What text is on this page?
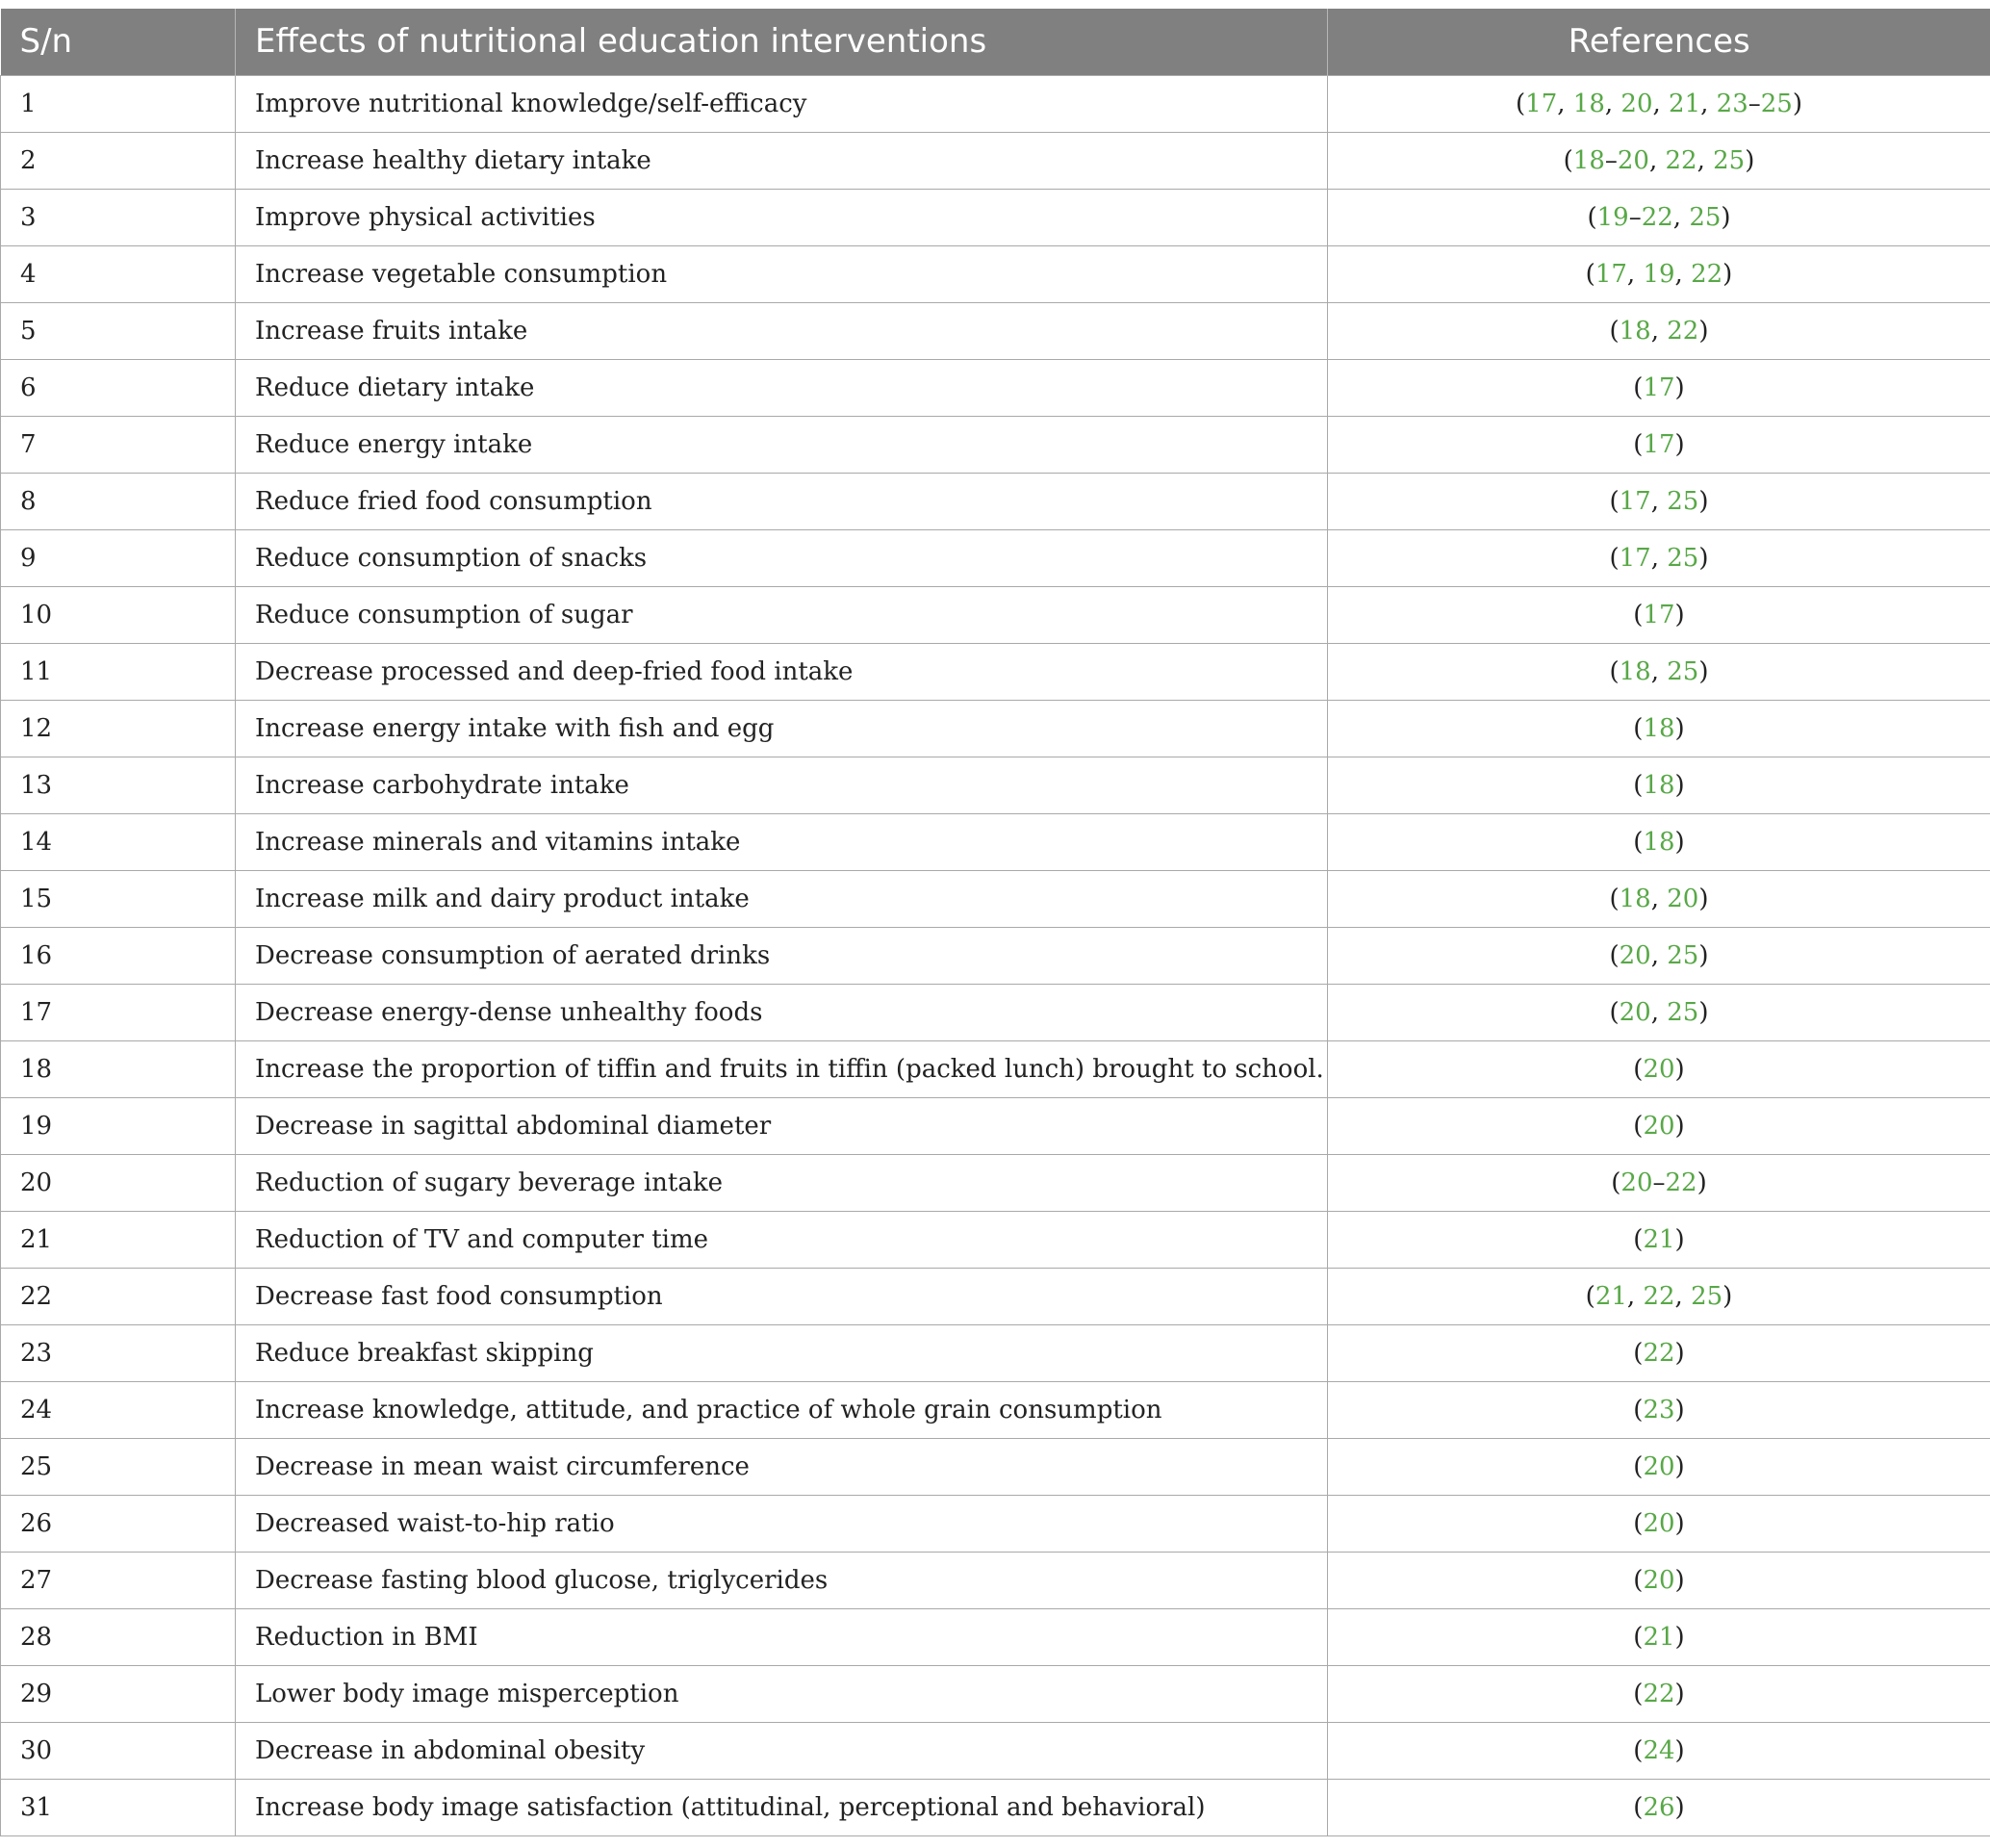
S/n	Effects of nutritional education interventions	References
1	Improve nutritional knowledge/self-efficacy	(17, 18, 20, 21, 23–25)
2	Increase healthy dietary intake	(18–20, 22, 25)
3	Improve physical activities	(19–22, 25)
4	Increase vegetable consumption	(17, 19, 22)
5	Increase fruits intake	(18, 22)
6	Reduce dietary intake	(17)
7	Reduce energy intake	(17)
8	Reduce fried food consumption	(17, 25)
9	Reduce consumption of snacks	(17, 25)
10	Reduce consumption of sugar	(17)
11	Decrease processed and deep-fried food intake	(18, 25)
12	Increase energy intake with fish and egg	(18)
13	Increase carbohydrate intake	(18)
14	Increase minerals and vitamins intake	(18)
15	Increase milk and dairy product intake	(18, 20)
16	Decrease consumption of aerated drinks	(20, 25)
17	Decrease energy-dense unhealthy foods	(20, 25)
18	Increase the proportion of tiffin and fruits in tiffin (packed lunch) brought to school.	(20)
19	Decrease in sagittal abdominal diameter	(20)
20	Reduction of sugary beverage intake	(20–22)
21	Reduction of TV and computer time	(21)
22	Decrease fast food consumption	(21, 22, 25)
23	Reduce breakfast skipping	(22)
24	Increase knowledge, attitude, and practice of whole grain consumption	(23)
25	Decrease in mean waist circumference	(20)
26	Decreased waist-to-hip ratio	(20)
27	Decrease fasting blood glucose, triglycerides	(20)
28	Reduction in BMI	(21)
29	Lower body image misperception	(22)
30	Decrease in abdominal obesity	(24)
31	Increase body image satisfaction (attitudinal, perceptional and behavioral)	(26)
